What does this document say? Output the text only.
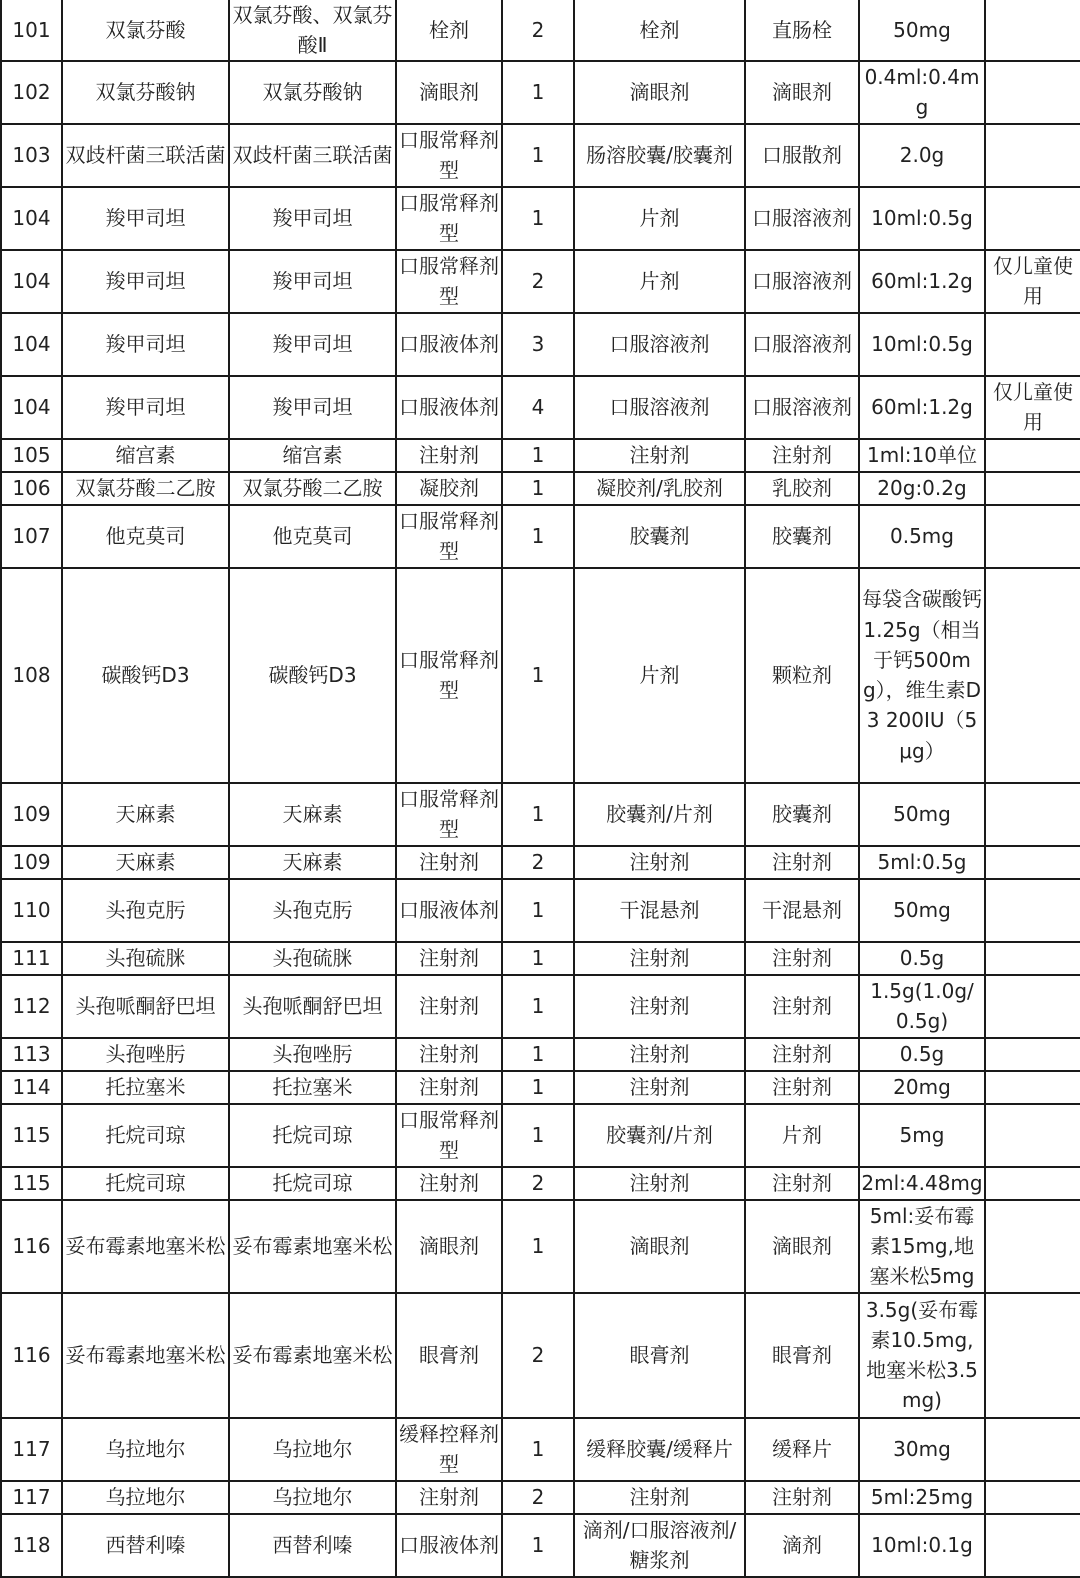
101	双氯芬酸	双氯芬酸、双氯芬酸Ⅱ	栓剂	2	栓剂	直肠栓	50mg	
102	双氯芬酸钠	双氯芬酸钠	滴眼剂	1	滴眼剂	滴眼剂	0.4ml:0.4mg	
103	双歧杆菌三联活菌	双歧杆菌三联活菌	口服常释剂型	1	肠溶胶囊/胶囊剂	口服散剂	2.0g	
104	羧甲司坦	羧甲司坦	口服常释剂型	1	片剂	口服溶液剂	10ml:0.5g	
104	羧甲司坦	羧甲司坦	口服常释剂型	2	片剂	口服溶液剂	60ml:1.2g	仅儿童使用
104	羧甲司坦	羧甲司坦	口服液体剂	3	口服溶液剂	口服溶液剂	10ml:0.5g	
104	羧甲司坦	羧甲司坦	口服液体剂	4	口服溶液剂	口服溶液剂	60ml:1.2g	仅儿童使用
105	缩宫素	缩宫素	注射剂	1	注射剂	注射剂	1ml:10单位	
106	双氯芬酸二乙胺	双氯芬酸二乙胺	凝胶剂	1	凝胶剂/乳胶剂	乳胶剂	20g:0.2g	
107	他克莫司	他克莫司	口服常释剂型	1	胶囊剂	胶囊剂	0.5mg	
108	碳酸钙D3	碳酸钙D3	口服常释剂型	1	片剂	颗粒剂	每袋含碳酸钙1.25g（相当于钙500mg），维生素D3 200IU（5μg）	
109	天麻素	天麻素	口服常释剂型	1	胶囊剂/片剂	胶囊剂	50mg	
109	天麻素	天麻素	注射剂	2	注射剂	注射剂	5ml:0.5g	
110	头孢克肟	头孢克肟	口服液体剂	1	干混悬剂	干混悬剂	50mg	
111	头孢硫脒	头孢硫脒	注射剂	1	注射剂	注射剂	0.5g	
112	头孢哌酮舒巴坦	头孢哌酮舒巴坦	注射剂	1	注射剂	注射剂	1.5g(1.0g/0.5g)	
113	头孢唑肟	头孢唑肟	注射剂	1	注射剂	注射剂	0.5g	
114	托拉塞米	托拉塞米	注射剂	1	注射剂	注射剂	20mg	
115	托烷司琼	托烷司琼	口服常释剂型	1	胶囊剂/片剂	片剂	5mg	
115	托烷司琼	托烷司琼	注射剂	2	注射剂	注射剂	2ml:4.48mg	
116	妥布霉素地塞米松	妥布霉素地塞米松	滴眼剂	1	滴眼剂	滴眼剂	5ml:妥布霉素15mg,地塞米松5mg	
116	妥布霉素地塞米松	妥布霉素地塞米松	眼膏剂	2	眼膏剂	眼膏剂	3.5g(妥布霉素10.5mg,地塞米松3.5mg)	
117	乌拉地尔	乌拉地尔	缓释控释剂型	1	缓释胶囊/缓释片	缓释片	30mg	
117	乌拉地尔	乌拉地尔	注射剂	2	注射剂	注射剂	5ml:25mg	
118	西替利嗪	西替利嗪	口服液体剂	1	滴剂/口服溶液剂/糖浆剂	滴剂	10ml:0.1g	
